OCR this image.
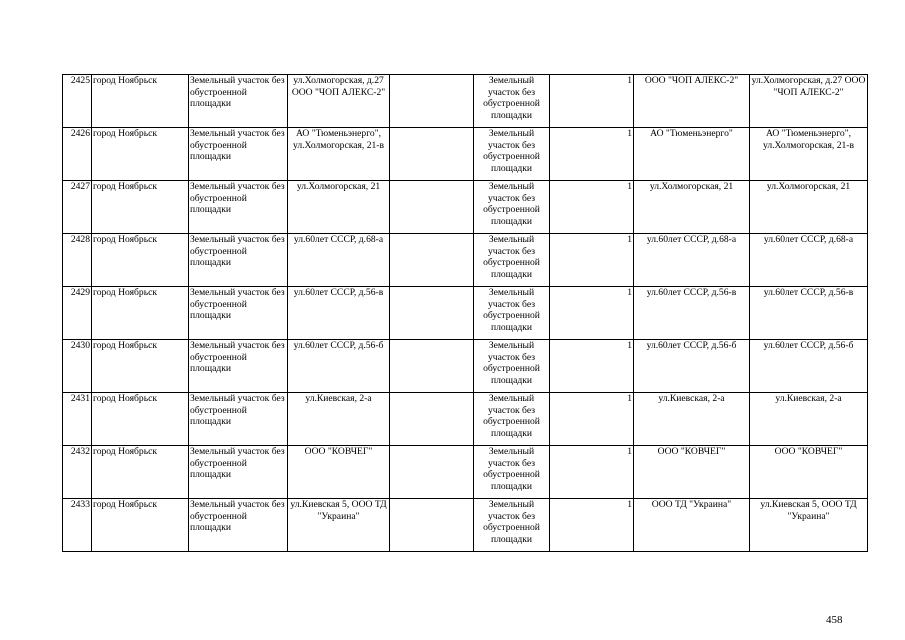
2425	город Ноябрьск	Земельный участок без обустроенной площадки	ул.Холмогорская, д.27 ООО "ЧОП АЛЕКС-2"		Земельный участок без обустроенной площадки	1	ООО "ЧОП АЛЕКС-2"	ул.Холмогорская, д.27 ООО "ЧОП АЛЕКС-2"
2426	город Ноябрьск	Земельный участок без обустроенной площадки	АО "Тюменьэнерго", ул.Холмогорская, 21-в		Земельный участок без обустроенной площадки	1	АО "Тюменьэнерго"	АО "Тюменьэнерго", ул.Холмогорская, 21-в
2427	город Ноябрьск	Земельный участок без обустроенной площадки	ул.Холмогорская, 21		Земельный участок без обустроенной площадки	1	ул.Холмогорская, 21	ул.Холмогорская, 21
2428	город Ноябрьск	Земельный участок без обустроенной площадки	ул.60лет СССР, д.68-а		Земельный участок без обустроенной площадки	1	ул.60лет СССР, д.68-а	ул.60лет СССР, д.68-а
2429	город Ноябрьск	Земельный участок без обустроенной площадки	ул.60лет СССР, д.56-в		Земельный участок без обустроенной площадки	1	ул.60лет СССР, д.56-в	ул.60лет СССР, д.56-в
2430	город Ноябрьск	Земельный участок без обустроенной площадки	ул.60лет СССР, д.56-б		Земельный участок без обустроенной площадки	1	ул.60лет СССР, д.56-б	ул.60лет СССР, д.56-б
2431	город Ноябрьск	Земельный участок без обустроенной площадки	ул.Киевская, 2-а		Земельный участок без обустроенной площадки	1	ул.Киевская, 2-а	ул.Киевская, 2-а
2432	город Ноябрьск	Земельный участок без обустроенной площадки	ООО "КОВЧЕГ"		Земельный участок без обустроенной площадки	1	ООО "КОВЧЕГ"	ООО "КОВЧЕГ"
2433	город Ноябрьск	Земельный участок без обустроенной площадки	ул.Киевская 5, ООО ТД "Украина"		Земельный участок без обустроенной площадки	1	ООО ТД "Украина"	ул.Киевская 5, ООО ТД "Украина"
458
